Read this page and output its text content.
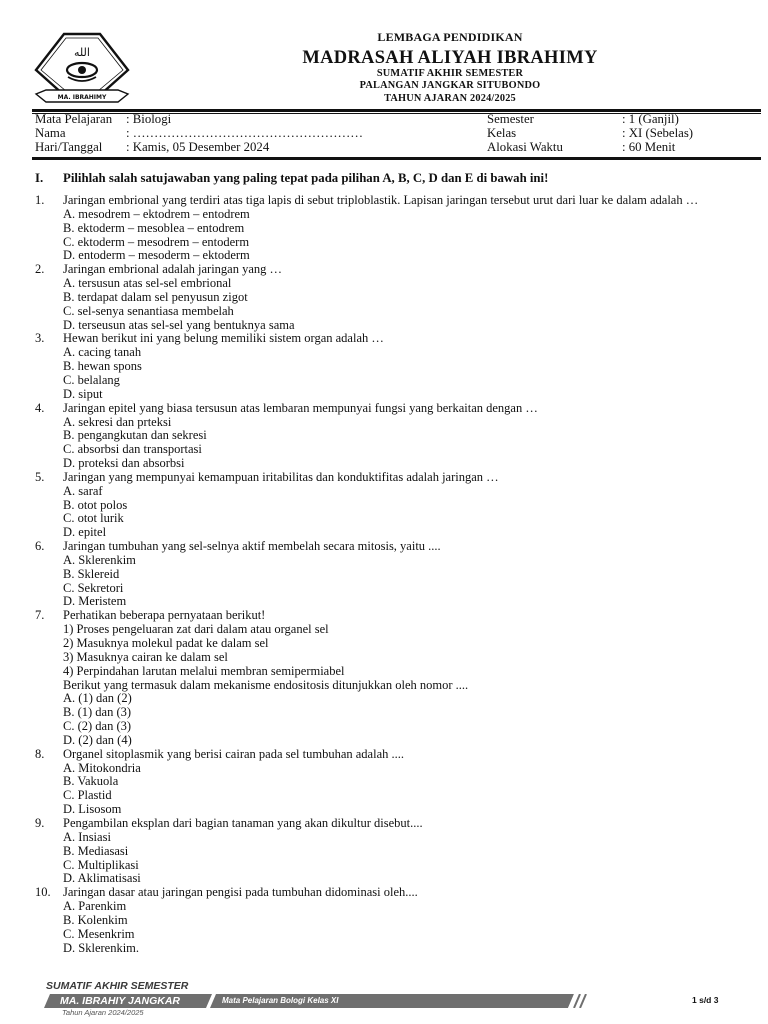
الله
MA. IBRAHIMY
LEMBAGA PENDIDIKAN
MADRASAH ALIYAH IBRAHIMY
SUMATIF AKHIR SEMESTER
PALANGAN JANGKAR SITUBONDO
TAHUN AJARAN 2024/2025
Mata Pelajaran
Nama
Hari/Tanggal
: Biologi
: ………………………………………………
: Kamis, 05 Desember 2024
Semester
Kelas
Alokasi Waktu
: 1 (Ganjil)
: XI (Sebelas)
: 60 Menit
I. Pilihlah salah satujawaban yang paling tepat pada pilihan A, B, C, D dan E di bawah ini!
1. Jaringan embrional yang terdiri atas tiga lapis di sebut triploblastik. Lapisan jaringan tersebut urut dari luar ke dalam adalah …
A. mesodrem – ektodrem – entodrem
B. ektoderm – mesoblea – entodrem
C. ektoderm – mesodrem – entoderm
D. entoderm – mesoderm – ektoderm
2. Jaringan embrional adalah jaringan yang …
A. tersusun atas sel-sel embrional
B. terdapat dalam sel penyusun zigot
C. sel-senya senantiasa membelah
D. terseusun atas sel-sel yang bentuknya sama
3. Hewan berikut ini yang belung memiliki sistem organ adalah …
A. cacing tanah
B. hewan spons
C. belalang
D. siput
4. Jaringan epitel yang biasa tersusun atas lembaran mempunyai fungsi yang berkaitan dengan …
A. sekresi dan prteksi
B. pengangkutan dan sekresi
C. absorbsi dan transportasi
D. proteksi dan absorbsi
5. Jaringan yang mempunyai kemampuan iritabilitas dan konduktifitas adalah jaringan …
A. saraf
B. otot polos
C. otot lurik
D. epitel
6. Jaringan tumbuhan yang sel-selnya aktif membelah secara mitosis, yaitu ....
A. Sklerenkim
B. Sklereid
C. Sekretori
D. Meristem
7. Perhatikan beberapa pernyataan berikut!
1) Proses pengeluaran zat dari dalam atau organel sel
2) Masuknya molekul padat ke dalam sel
3) Masuknya cairan ke dalam sel
4) Perpindahan larutan melalui membran semipermiabel
Berikut yang termasuk dalam mekanisme endositosis ditunjukkan oleh nomor ....
A. (1) dan (2)
B. (1) dan (3)
C. (2) dan (3)
D. (2) dan (4)
8. Organel sitoplasmik yang berisi cairan pada sel tumbuhan adalah ....
A. Mitokondria
B. Vakuola
C. Plastid
D. Lisosom
9. Pengambilan eksplan dari bagian tanaman yang akan dikultur disebut....
A. Insiasi
B. Mediasasi
C. Multiplikasi
D. Aklimatisasi
10. Jaringan dasar atau jaringan pengisi pada tumbuhan didominasi oleh....
A. Parenkim
B. Kolenkim
C. Mesenkrim
D. Sklerenkim.
SUMATIF AKHIR SEMESTER
MA. IBRAHIY JANGKAR	Mata Pelajaran Bologi Kelas XI
Tahun Ajaran 2024/2025
1 s/d 3
